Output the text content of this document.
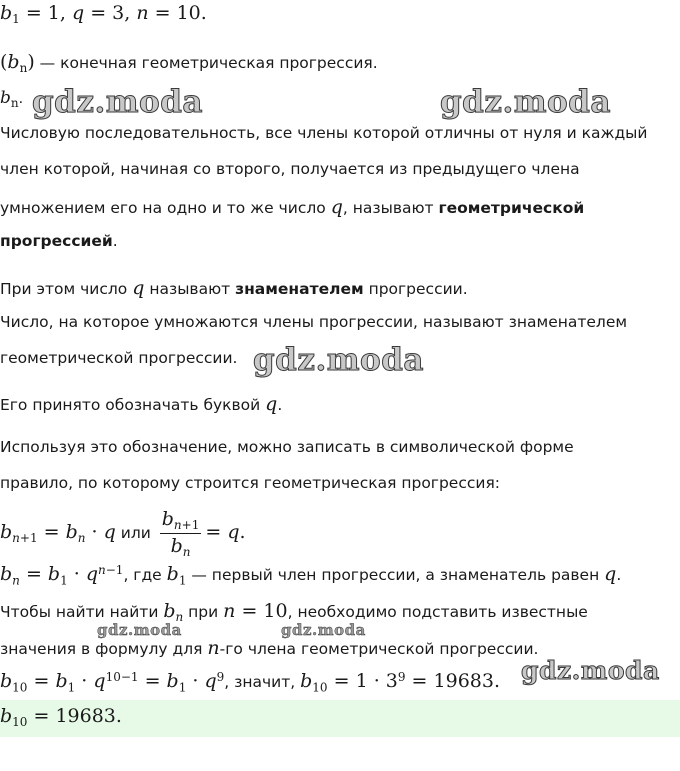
$b_1 = 1$, q = 3, n = 10.
$(b_n)$ — конечная геометрическая прогрессия.
$b_n$.
Числовую последовательность, все члены которой отличны от нуля и каждый
член которой, начиная со второго, получается из предыдущего члена
умножением его на одно и то же число q, называют геометрической
прогрессией.
При этом число q называют знаменателем прогрессии.
Число, на которое умножаются члены прогрессии, называют знаменателем
геометрической прогрессии.
Его принято обозначать буквой q.
Используя это обозначение, можно записать в символической форме
правило, по которому строится геометрическая прогрессия:
$b_{n+1} = b_n \cdot q$ или $\frac{b_{n+1}}{b_n} = q$.
$b_n = b_1 \cdot q^{n-1}$, где $b_1$ — первый член прогрессии, а знаменатель равен q.
Чтобы найти найти $b_n$ при n = 10, необходимо подставить известные
значения в формулу для n-го члена геометрической прогрессии.
$b_{10} = b_1 \cdot q^{10-1} = b_1 \cdot q^9$, значит, $b_{10} = 1 \cdot 3^9 = 19683$.
$b_{10} = 19683$.
gdz.moda	gdz.moda
gdz.moda
gdz.moda	gdz.moda
gdz.moda
